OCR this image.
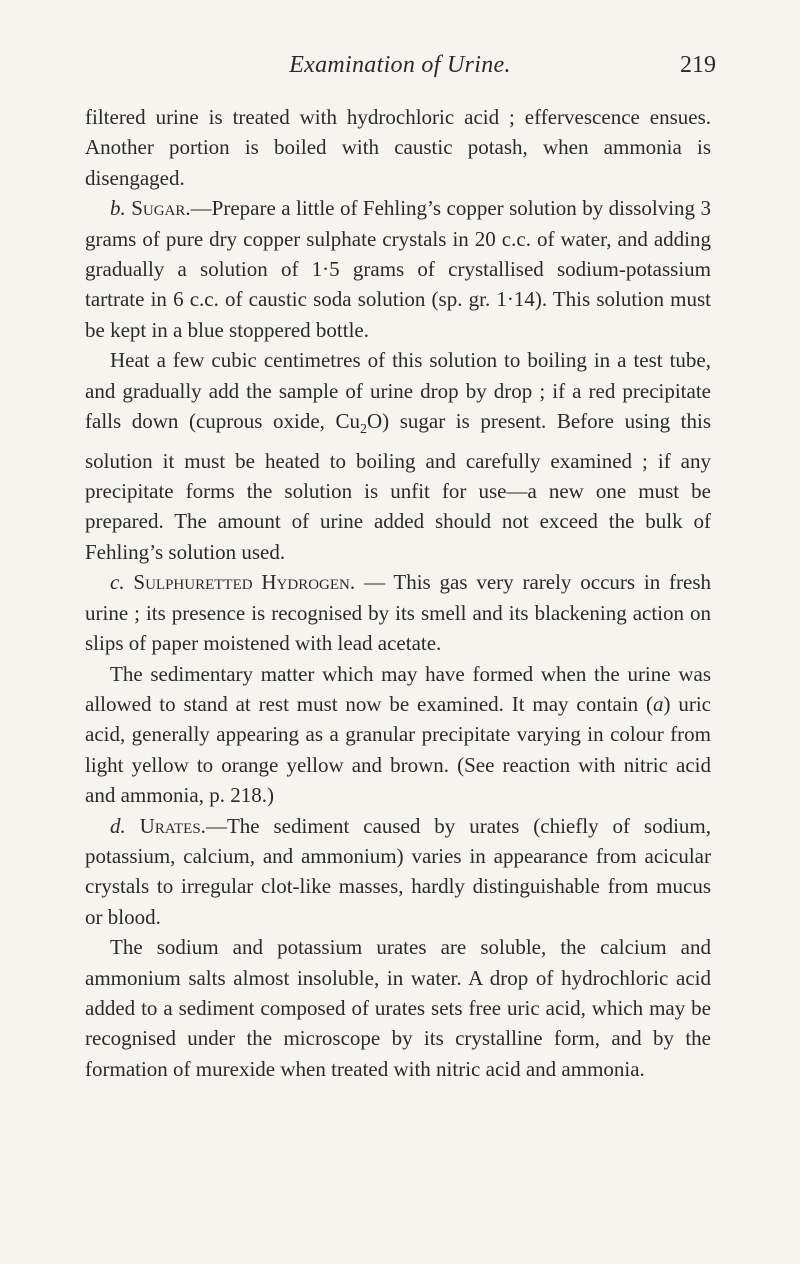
Examination of Urine.	219

filtered urine is treated with hydrochloric acid ; effervescence ensues. Another portion is boiled with caustic potash, when ammonia is disengaged.

b. Sugar.—Prepare a little of Fehling’s copper solution by dissolving 3 grams of pure dry copper sulphate crystals in 20 c.c. of water, and adding gradually a solution of 1·5 grams of crystallised sodium-potassium tartrate in 6 c.c. of caustic soda solution (sp. gr. 1·14). This solution must be kept in a blue stoppered bottle.

Heat a few cubic centimetres of this solution to boiling in a test tube, and gradually add the sample of urine drop by drop ; if a red precipitate falls down (cuprous oxide, $Cu_2O$) sugar is present. Before using this solution it must be heated to boiling and carefully examined ; if any precipitate forms the solution is unfit for use—a new one must be prepared. The amount of urine added should not exceed the bulk of Fehling’s solution used.

c. Sulphuretted Hydrogen. — This gas very rarely occurs in fresh urine ; its presence is recognised by its smell and its blackening action on slips of paper moistened with lead acetate.

The sedimentary matter which may have formed when the urine was allowed to stand at rest must now be examined. It may contain (a) uric acid, generally appearing as a granular precipitate varying in colour from light yellow to orange yellow and brown. (See reaction with nitric acid and ammonia, p. 218.)

d. Urates.—The sediment caused by urates (chiefly of sodium, potassium, calcium, and ammonium) varies in appearance from acicular crystals to irregular clot-like masses, hardly distinguishable from mucus or blood.

The sodium and potassium urates are soluble, the calcium and ammonium salts almost insoluble, in water. A drop of hydrochloric acid added to a sediment composed of urates sets free uric acid, which may be recognised under the microscope by its crystalline form, and by the formation of murexide when treated with nitric acid and ammonia.
